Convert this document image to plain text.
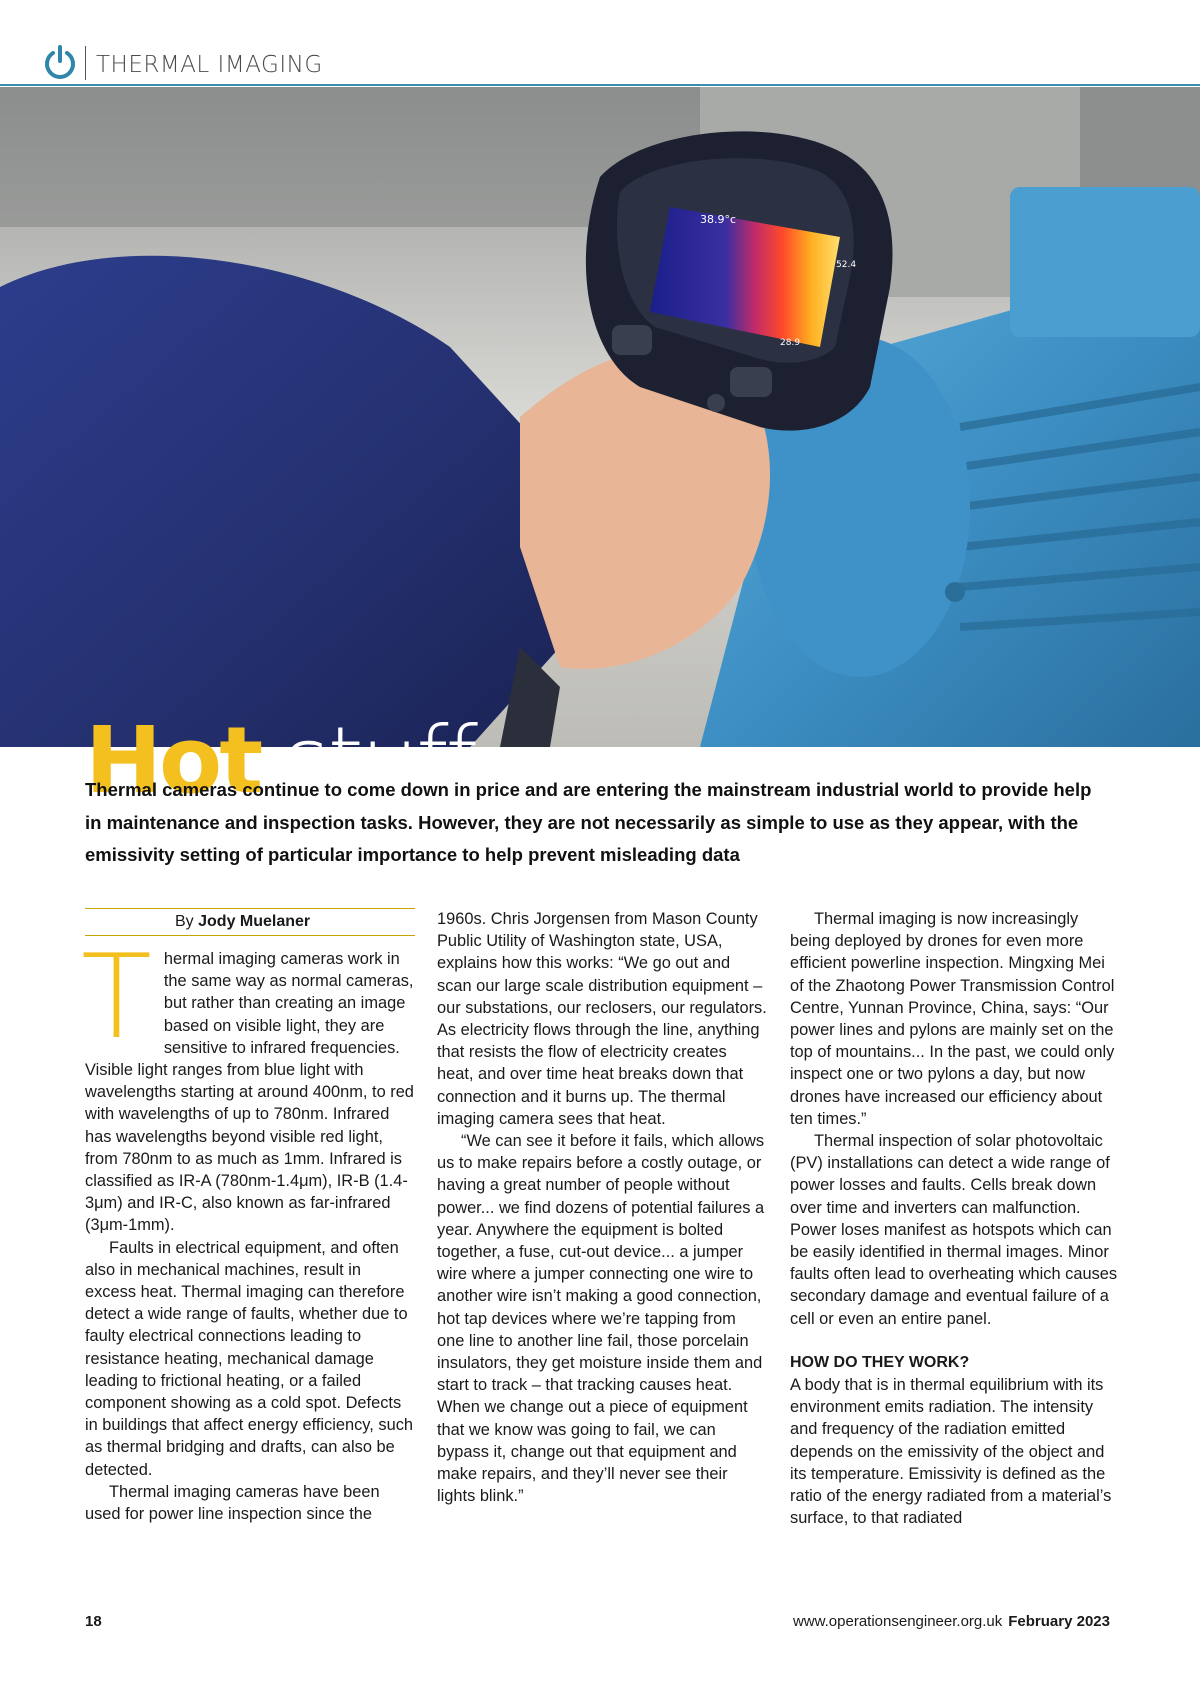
THERMAL IMAGING
38.9°c
52.4
28.9
Hot stuff
Thermal cameras continue to come down in price and are entering the mainstream industrial world to provide help in maintenance and inspection tasks. However, they are not necessarily as simple to use as they appear, with the emissivity setting of particular importance to help prevent misleading data
By Jody Muelaner

Thermal imaging cameras work in the same way as normal cameras, but rather than creating an image based on visible light, they are sensitive to infrared frequencies. Visible light ranges from blue light with wavelengths starting at around 400nm, to red with wavelengths of up to 780nm. Infrared has wavelengths beyond visible red light, from 780nm to as much as 1mm. Infrared is classified as IR-A (780nm-1.4μm), IR-B (1.4-3μm) and IR-C, also known as far-infrared (3μm-1mm).

Faults in electrical equipment, and often also in mechanical machines, result in excess heat. Thermal imaging can therefore detect a wide range of faults, whether due to faulty electrical connections leading to resistance heating, mechanical damage leading to frictional heating, or a failed component showing as a cold spot. Defects in buildings that affect energy efficiency, such as thermal bridging and drafts, can also be detected.

Thermal imaging cameras have been used for power line inspection since the

1960s. Chris Jorgensen from Mason County Public Utility of Washington state, USA, explains how this works: “We go out and scan our large scale distribution equipment – our substations, our reclosers, our regulators. As electricity flows through the line, anything that resists the flow of electricity creates heat, and over time heat breaks down that connection and it burns up. The thermal imaging camera sees that heat.

“We can see it before it fails, which allows us to make repairs before a costly outage, or having a great number of people without power... we find dozens of potential failures a year. Anywhere the equipment is bolted together, a fuse, cut-out device... a jumper wire where a jumper connecting one wire to another wire isn’t making a good connection, hot tap devices where we’re tapping from one line to another line fail, those porcelain insulators, they get moisture inside them and start to track – that tracking causes heat. When we change out a piece of equipment that we know was going to fail, we can bypass it, change out that equipment and make repairs, and they’ll never see their lights blink.”

Thermal imaging is now increasingly being deployed by drones for even more efficient powerline inspection. Mingxing Mei of the Zhaotong Power Transmission Control Centre, Yunnan Province, China, says: “Our power lines and pylons are mainly set on the top of mountains... In the past, we could only inspect one or two pylons a day, but now drones have increased our efficiency about ten times.”

Thermal inspection of solar photovoltaic (PV) installations can detect a wide range of power losses and faults. Cells break down over time and inverters can malfunction. Power loses manifest as hotspots which can be easily identified in thermal images. Minor faults often lead to overheating which causes secondary damage and eventual failure of a cell or even an entire panel.

HOW DO THEY WORK?

A body that is in thermal equilibrium with its environment emits radiation. The intensity and frequency of the radiation emitted depends on the emissivity of the object and its temperature. Emissivity is defined as the ratio of the energy radiated from a material’s surface, to that radiated

18	www.operationsengineer.org.uk February 2023
